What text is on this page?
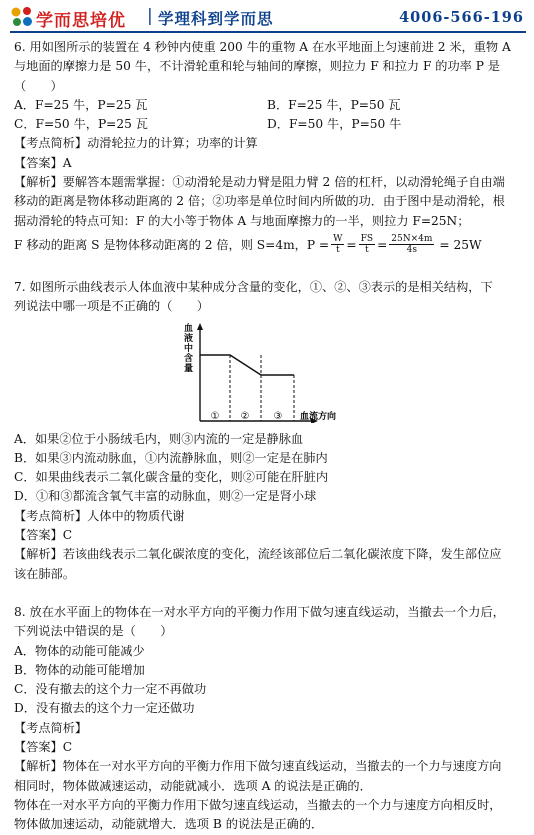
学而思培优 | 学理科到学而思	4006-566-196
6. 用如图所示的装置在 4 秒钟内使重 200 牛的重物 A 在水平地面上匀速前进 2 米，重物 A
与地面的摩擦力是 50 牛，不计滑轮重和轮与轴间的摩擦，则拉力 F 和拉力 F 的功率 P 是
（　　）
A．F=25 牛，P=25 瓦	B．F=25 牛，P=50 瓦
C．F=50 牛，P=25 瓦	D．F=50 牛，P=50 牛
【考点简析】动滑轮拉力的计算；功率的计算
【答案】A
【解析】要解答本题需掌握：①动滑轮是动力臂是阻力臂 2 倍的杠杆，以动滑轮绳子自由端
移动的距离是物体移动距离的 2 倍；②功率是单位时间内所做的功．由于图中是动滑轮，根
据动滑轮的特点可知：F 的大小等于物体 A 与地面摩擦力的一半，则拉力 F=25N；
F 移动的距离 S 是物体移动距离的 2 倍，则 S=4m，$P = \frac{W}{t} = \frac{FS}{t} = \frac{25N\times 4m}{4s} = 25W$
7. 如图所示曲线表示人体血液中某种成分含量的变化，①、②、③表示的是相关结构，下
列说法中哪一项是不正确的（　　）
血液中含量
① ② ③ 血流方向
A．如果②位于小肠绒毛内，则③内流的一定是静脉血
B．如果③内流动脉血，①内流静脉血，则②一定是在肺内
C．如果曲线表示二氧化碳含量的变化，则②可能在肝脏内
D．①和③都流含氧气丰富的动脉血，则②一定是肾小球
【考点简析】人体中的物质代谢
【答案】C
【解析】若该曲线表示二氧化碳浓度的变化，流经该部位后二氧化碳浓度下降，发生部位应
该在肺部。
8. 放在水平面上的物体在一对水平方向的平衡力作用下做匀速直线运动，当撤去一个力后，
下列说法中错误的是（　　）
A．物体的动能可能减少
B．物体的动能可能增加
C．没有撤去的这个力一定不再做功
D．没有撤去的这个力一定还做功
【考点简析】
【答案】C
【解析】物体在一对水平方向的平衡力作用下做匀速直线运动，当撤去的一个力与速度方向
相同时，物体做减速运动，动能就减小．选项 A 的说法是正确的．
物体在一对水平方向的平衡力作用下做匀速直线运动，当撤去的一个力与速度方向相反时，
物体做加速运动，动能就增大．选项 B 的说法是正确的．
